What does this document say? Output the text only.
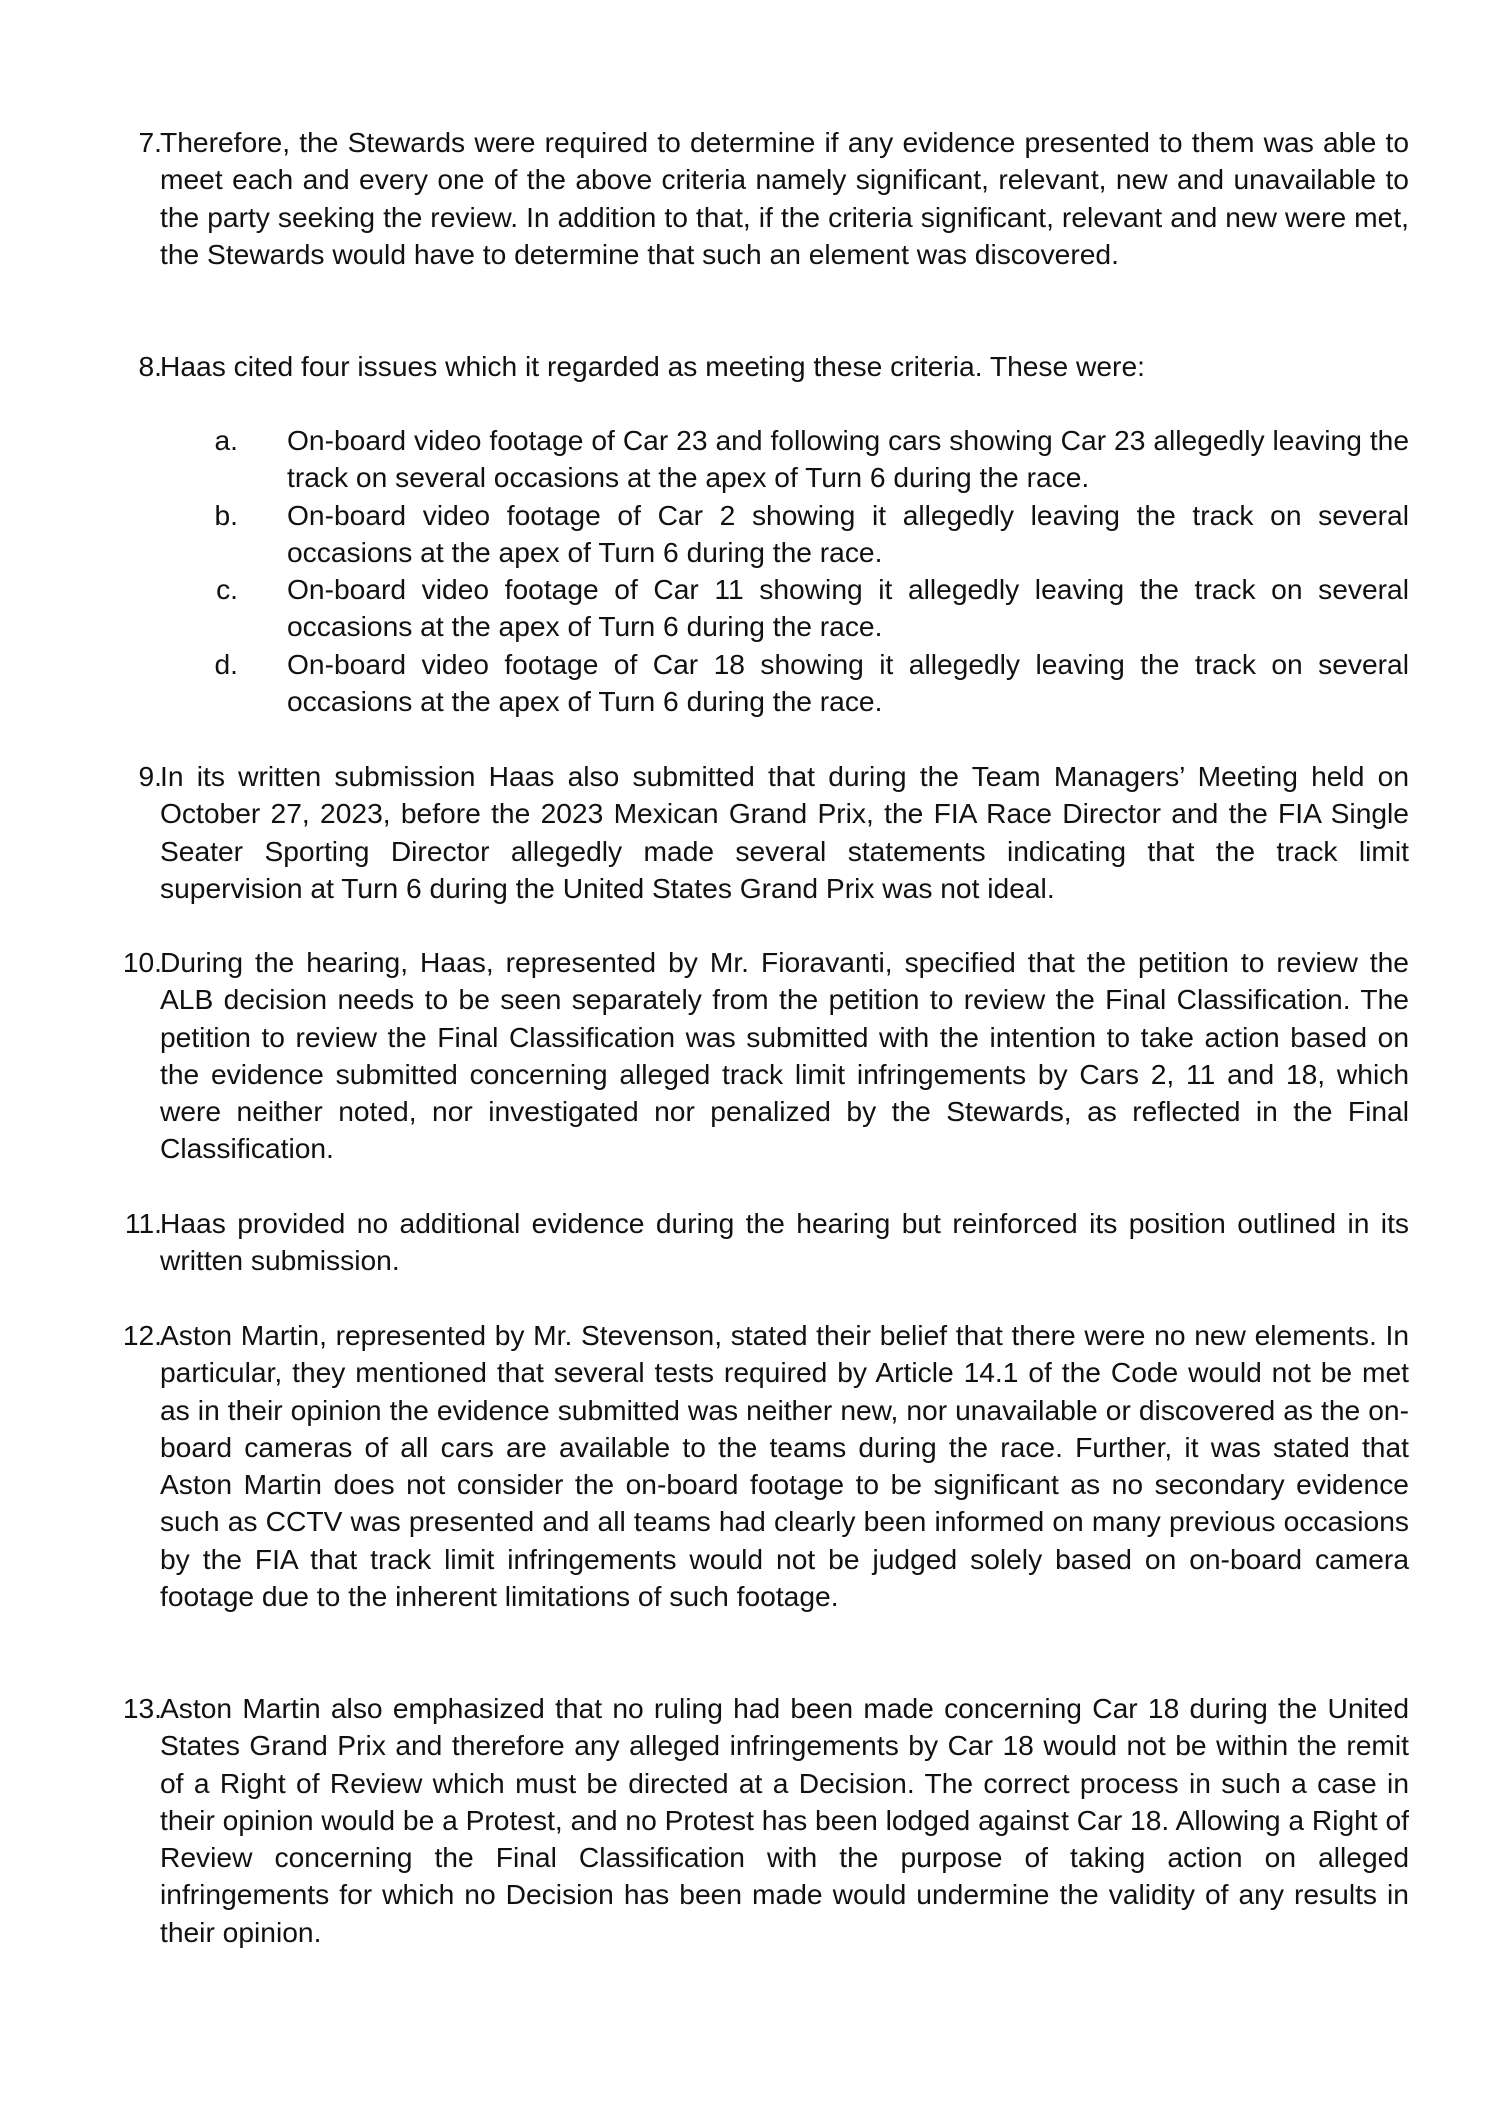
7.
Therefore, the Stewards were required to determine if any evidence presented to them was able to meet each and every one of the above criteria namely significant, relevant, new and unavailable to the party seeking the review. In addition to that, if the criteria significant, relevant and new were met, the Stewards would have to determine that such an element was discovered.
8.
Haas cited four issues which it regarded as meeting these criteria. These were:
a. On-board video footage of Car 23 and following cars showing Car 23 allegedly leaving the track on several occasions at the apex of Turn 6 during the race.
b. On-board video footage of Car 2 showing it allegedly leaving the track on several occasions at the apex of Turn 6 during the race.
c. On-board video footage of Car 11 showing it allegedly leaving the track on several occasions at the apex of Turn 6 during the race.
d. On-board video footage of Car 18 showing it allegedly leaving the track on several occasions at the apex of Turn 6 during the race.
9.
In its written submission Haas also submitted that during the Team Managers’ Meeting held on October 27, 2023, before the 2023 Mexican Grand Prix, the FIA Race Director and the FIA Single Seater Sporting Director allegedly made several statements indicating that the track limit supervision at Turn 6 during the United States Grand Prix was not ideal.
10.
During the hearing, Haas, represented by Mr. Fioravanti, specified that the petition to review the ALB decision needs to be seen separately from the petition to review the Final Classification. The petition to review the Final Classification was submitted with the intention to take action based on the evidence submitted concerning alleged track limit infringements by Cars 2, 11 and 18, which were neither noted, nor investigated nor penalized by the Stewards, as reflected in the Final Classification.
11.
Haas provided no additional evidence during the hearing but reinforced its position outlined in its written submission.
12.
Aston Martin, represented by Mr. Stevenson, stated their belief that there were no new elements. In particular, they mentioned that several tests required by Article 14.1 of the Code would not be met as in their opinion the evidence submitted was neither new, nor unavailable or discovered as the on-board cameras of all cars are available to the teams during the race. Further, it was stated that Aston Martin does not consider the on-board footage to be significant as no secondary evidence such as CCTV was presented and all teams had clearly been informed on many previous occasions by the FIA that track limit infringements would not be judged solely based on on-board camera footage due to the inherent limitations of such footage.
13.
Aston Martin also emphasized that no ruling had been made concerning Car 18 during the United States Grand Prix and therefore any alleged infringements by Car 18 would not be within the remit of a Right of Review which must be directed at a Decision. The correct process in such a case in their opinion would be a Protest, and no Protest has been lodged against Car 18. Allowing a Right of Review concerning the Final Classification with the purpose of taking action on alleged infringements for which no Decision has been made would undermine the validity of any results in their opinion.
